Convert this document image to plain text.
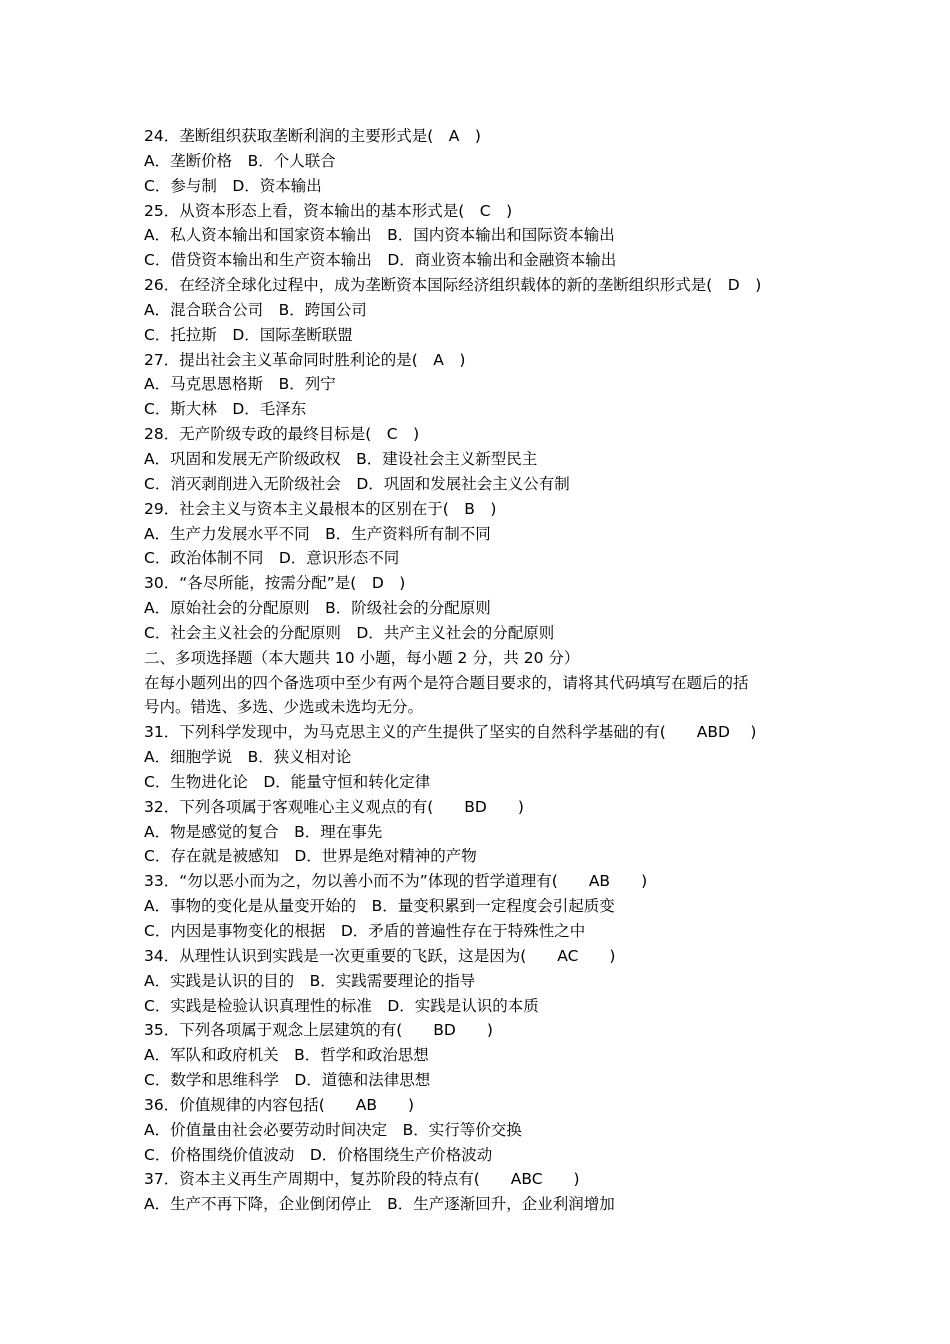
24．垄断组织获取垄断利润的主要形式是(　A　)
A．垄断价格　B．个人联合
C．参与制　D．资本输出
25．从资本形态上看，资本输出的基本形式是(　C　)
A．私人资本输出和国家资本输出　B．国内资本输出和国际资本输出
C．借贷资本输出和生产资本输出　D．商业资本输出和金融资本输出
26．在经济全球化过程中，成为垄断资本国际经济组织载体的新的垄断组织形式是(　D　)
A．混合联合公司　B．跨国公司
C．托拉斯　D．国际垄断联盟
27．提出社会主义革命同时胜利论的是(　A　)
A．马克思恩格斯　B．列宁
C．斯大林　D．毛泽东
28．无产阶级专政的最终目标是(　C　)
A．巩固和发展无产阶级政权　B．建设社会主义新型民主
C．消灭剥削进入无阶级社会　D．巩固和发展社会主义公有制
29．社会主义与资本主义最根本的区别在于(　B　)
A．生产力发展水平不同　B．生产资料所有制不同
C．政治体制不同　D．意识形态不同
30．“各尽所能，按需分配”是(　D　)
A．原始社会的分配原则　B．阶级社会的分配原则
C．社会主义社会的分配原则　D．共产主义社会的分配原则
二、多项选择题（本大题共 10 小题，每小题 2 分，共 20 分）
在每小题列出的四个备选项中至少有两个是符合题目要求的，请将其代码填写在题后的括
号内。错选、多选、少选或未选均无分。
31．下列科学发现中，为马克思主义的产生提供了坚实的自然科学基础的有(　　ABD　 )
A．细胞学说　B．狭义相对论
C．生物进化论　D．能量守恒和转化定律
32．下列各项属于客观唯心主义观点的有(　　BD　　)
A．物是感觉的复合　B．理在事先
C．存在就是被感知　D．世界是绝对精神的产物
33．“勿以恶小而为之，勿以善小而不为”体现的哲学道理有(　　AB　　)
A．事物的变化是从量变开始的　B．量变积累到一定程度会引起质变
C．内因是事物变化的根据　D．矛盾的普遍性存在于特殊性之中
34．从理性认识到实践是一次更重要的飞跃，这是因为(　　AC　　)
A．实践是认识的目的　B．实践需要理论的指导
C．实践是检验认识真理性的标准　D．实践是认识的本质
35．下列各项属于观念上层建筑的有(　　BD　　)
A．军队和政府机关　B．哲学和政治思想
C．数学和思维科学　D．道德和法律思想
36．价值规律的内容包括(　　AB　　)
A．价值量由社会必要劳动时间决定　B．实行等价交换
C．价格围绕价值波动　D．价格围绕生产价格波动
37．资本主义再生产周期中，复苏阶段的特点有(　　ABC　　)
A．生产不再下降，企业倒闭停止　B．生产逐渐回升，企业利润增加
